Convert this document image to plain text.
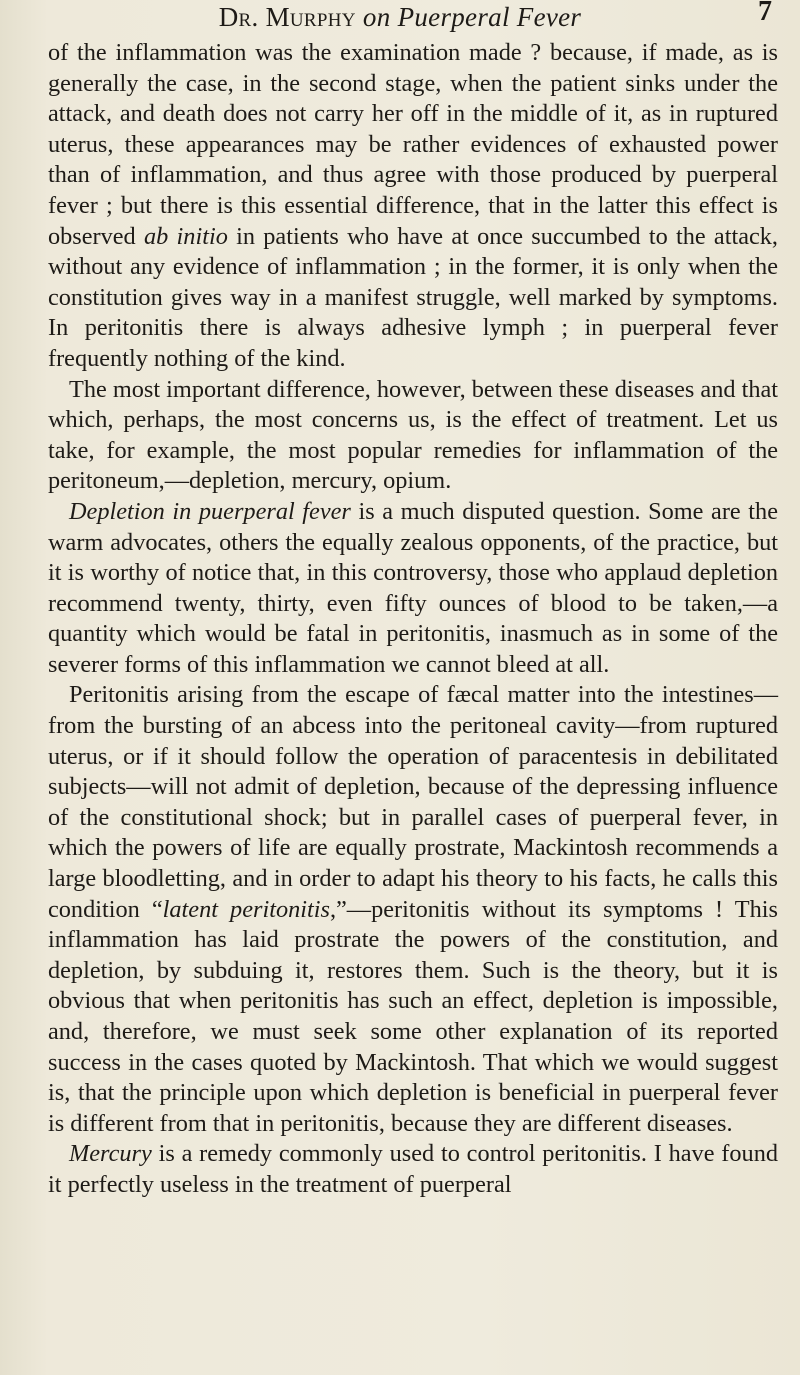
Dr. Murphy on Puerperal Fever	7

of the inflammation was the examination made ? because, if made, as is generally the case, in the second stage, when the patient sinks under the attack, and death does not carry her off in the middle of it, as in ruptured uterus, these appearances may be rather evidences of exhausted power than of inflammation, and thus agree with those produced by puerperal fever ; but there is this essential difference, that in the latter this effect is observed ab initio in patients who have at once succumbed to the attack, without any evidence of inflammation ; in the former, it is only when the constitution gives way in a manifest struggle, well marked by symptoms. In peritonitis there is always adhesive lymph ; in puerperal fever frequently nothing of the kind.

The most important difference, however, between these diseases and that which, perhaps, the most concerns us, is the effect of treatment. Let us take, for example, the most popular remedies for inflammation of the peritoneum,—depletion, mercury, opium.

Depletion in puerperal fever is a much disputed question. Some are the warm advocates, others the equally zealous opponents, of the practice, but it is worthy of notice that, in this controversy, those who applaud depletion recommend twenty, thirty, even fifty ounces of blood to be taken,—a quantity which would be fatal in peritonitis, inasmuch as in some of the severer forms of this inflammation we cannot bleed at all.

Peritonitis arising from the escape of fæcal matter into the intestines—from the bursting of an abcess into the peritoneal cavity—from ruptured uterus, or if it should follow the operation of paracentesis in debilitated subjects—will not admit of depletion, because of the depressing influence of the constitutional shock; but in parallel cases of puerperal fever, in which the powers of life are equally prostrate, Mackintosh recommends a large bloodletting, and in order to adapt his theory to his facts, he calls this condition “latent peritonitis,”—peritonitis without its symptoms ! This inflammation has laid prostrate the powers of the constitution, and depletion, by subduing it, restores them. Such is the theory, but it is obvious that when peritonitis has such an effect, depletion is impossible, and, therefore, we must seek some other explanation of its reported success in the cases quoted by Mackintosh. That which we would suggest is, that the principle upon which depletion is beneficial in puerperal fever is different from that in peritonitis, because they are different diseases.

Mercury is a remedy commonly used to control peritonitis. I have found it perfectly useless in the treatment of puerperal
